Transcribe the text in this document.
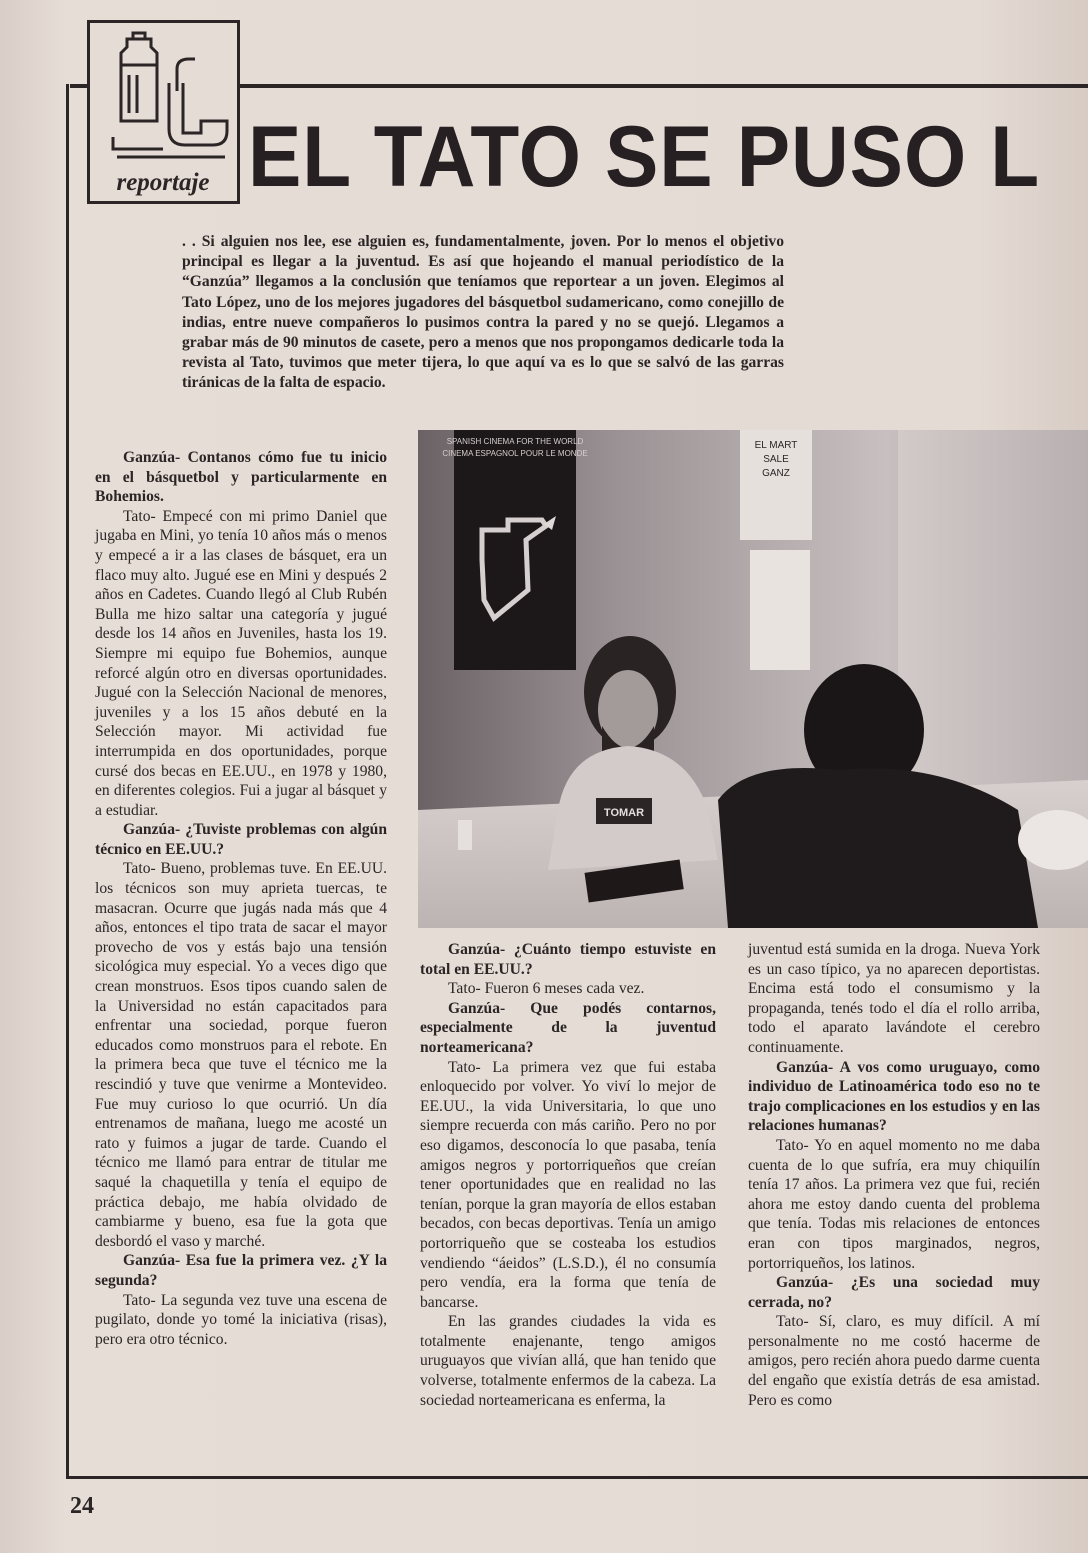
reportaje EL TATO SE PUSO L
. . Si alguien nos lee, ese alguien es, fundamentalmente, joven. Por lo menos el objetivo principal es llegar a la juventud. Es así que hojeando el manual periodístico de la “Ganzúa” llegamos a la conclusión que teníamos que reportear a un joven. Elegimos al Tato López, uno de los mejores jugadores del básquetbol sudamericano, como conejillo de indias, entre nueve compañeros lo pusimos contra la pared y no se quejó. Llegamos a grabar más de 90 minutos de casete, pero a menos que nos propongamos dedicarle toda la revista al Tato, tuvimos que meter tijera, lo que aquí va es lo que se salvó de las garras tiránicas de la falta de espacio.
SPANISH CINEMA FOR THE WORLD
CINEMA ESPAGNOL POUR LE MONDE
EL MART
SALE
GANZ
TOMAR

Ganzúa- Contanos cómo fue tu inicio en el básquetbol y particularmente en Bohemios.

Tato- Empecé con mi primo Daniel que jugaba en Mini, yo tenía 10 años más o menos y empecé a ir a las clases de básquet, era un flaco muy alto. Jugué ese en Mini y después 2 años en Cadetes. Cuando llegó al Club Rubén Bulla me hizo saltar una categoría y jugué desde los 14 años en Juveniles, hasta los 19. Siempre mi equipo fue Bohemios, aunque reforcé algún otro en diversas oportunidades. Jugué con la Selección Nacional de menores, juveniles y a los 15 años debuté en la Selección mayor. Mi actividad fue interrumpida en dos oportunidades, porque cursé dos becas en EE.UU., en 1978 y 1980, en diferentes colegios. Fui a jugar al básquet y a estudiar.

Ganzúa- ¿Tuviste problemas con algún técnico en EE.UU.?

Tato- Bueno, problemas tuve. En EE.UU. los técnicos son muy aprieta tuercas, te masacran. Ocurre que jugás nada más que 4 años, entonces el tipo trata de sacar el mayor provecho de vos y estás bajo una tensión sicológica muy especial. Yo a veces digo que crean monstruos. Esos tipos cuando salen de la Universidad no están capacitados para enfrentar una sociedad, porque fueron educados como monstruos para el rebote. En la primera beca que tuve el técnico me la rescindió y tuve que venirme a Montevideo. Fue muy curioso lo que ocurrió. Un día entrenamos de mañana, luego me acosté un rato y fuimos a jugar de tarde. Cuando el técnico me llamó para entrar de titular me saqué la chaquetilla y tenía el equipo de práctica debajo, me había olvidado de cambiarme y bueno, esa fue la gota que desbordó el vaso y marché.

Ganzúa- Esa fue la primera vez. ¿Y la segunda?

Tato- La segunda vez tuve una escena de pugilato, donde yo tomé la iniciativa (risas), pero era otro técnico.

Ganzúa- ¿Cuánto tiempo estuviste en total en EE.UU.?

Tato- Fueron 6 meses cada vez.

Ganzúa- Que podés contarnos, especialmente de la juventud norteamericana?

Tato- La primera vez que fui estaba enloquecido por volver. Yo viví lo mejor de EE.UU., la vida Universitaria, lo que uno siempre recuerda con más cariño. Pero no por eso digamos, desconocía lo que pasaba, tenía amigos negros y portorriqueños que creían tener oportunidades que en realidad no las tenían, porque la gran mayoría de ellos estaban becados, con becas deportivas. Tenía un amigo portorriqueño que se costeaba los estudios vendiendo “áeidos” (L.S.D.), él no consumía pero vendía, era la forma que tenía de bancarse.

En las grandes ciudades la vida es totalmente enajenante, tengo amigos uruguayos que vivían allá, que han tenido que volverse, totalmente enfermos de la cabeza. La sociedad norteamericana es enferma, la

juventud está sumida en la droga. Nueva York es un caso típico, ya no aparecen deportistas. Encima está todo el consumismo y la propaganda, tenés todo el día el rollo arriba, todo el aparato lavándote el cerebro continuamente.

Ganzúa- A vos como uruguayo, como individuo de Latinoamérica todo eso no te trajo complicaciones en los estudios y en las relaciones humanas?

Tato- Yo en aquel momento no me daba cuenta de lo que sufría, era muy chiquilín tenía 17 años. La primera vez que fui, recién ahora me estoy dando cuenta del problema que tenía. Todas mis relaciones de entonces eran con tipos marginados, negros, portorriqueños, los latinos.

Ganzúa- ¿Es una sociedad muy cerrada, no?

Tato- Sí, claro, es muy difícil. A mí personalmente no me costó hacerme de amigos, pero recién ahora puedo darme cuenta del engaño que existía detrás de esa amistad. Pero es como

24
